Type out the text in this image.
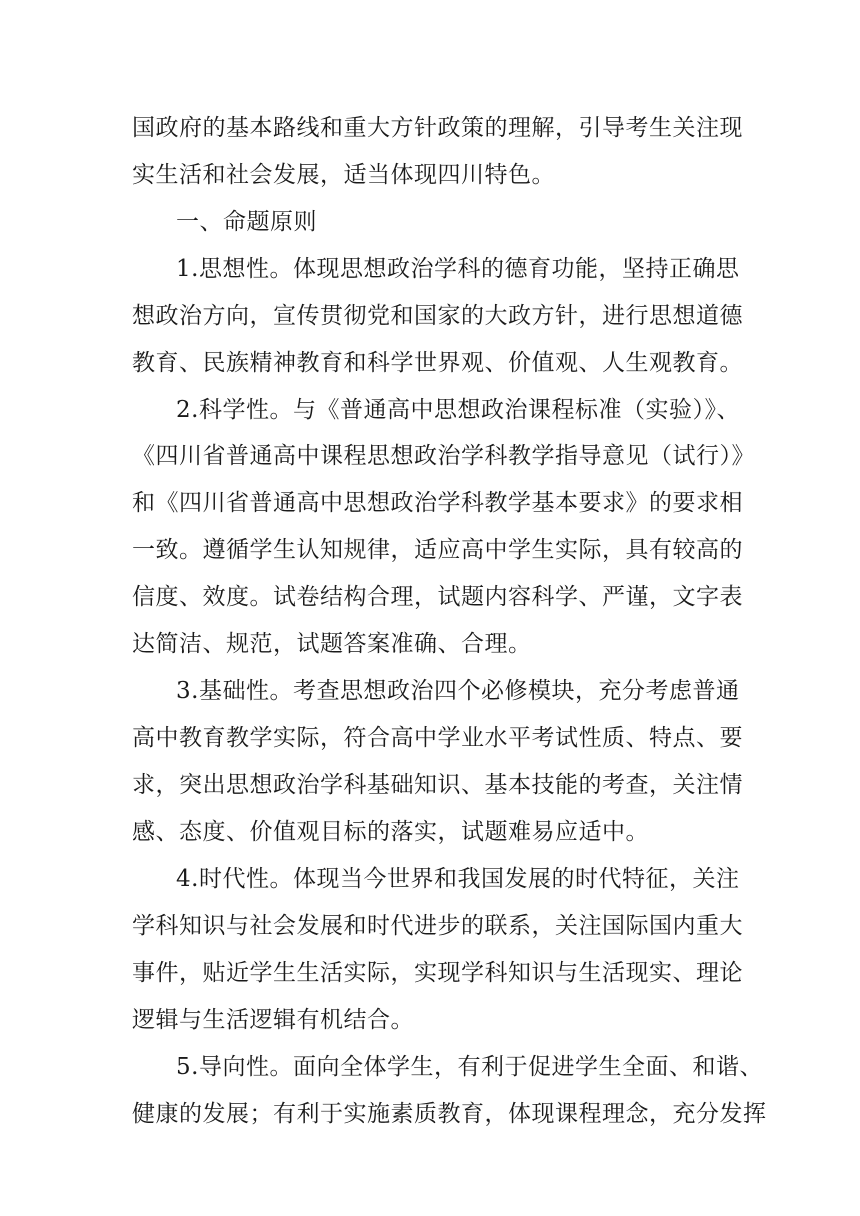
国政府的基本路线和重大方针政策的理解，引导考生关注现
实生活和社会发展，适当体现四川特色。
一、命题原则
1.思想性。体现思想政治学科的德育功能，坚持正确思
想政治方向，宣传贯彻党和国家的大政方针，进行思想道德
教育、民族精神教育和科学世界观、价值观、人生观教育。
2.科学性。与《普通高中思想政治课程标准（实验）》、
《四川省普通高中课程思想政治学科教学指导意见（试行）》
和《四川省普通高中思想政治学科教学基本要求》的要求相
一致。遵循学生认知规律，适应高中学生实际，具有较高的
信度、效度。试卷结构合理，试题内容科学、严谨，文字表
达简洁、规范，试题答案准确、合理。
3.基础性。考查思想政治四个必修模块，充分考虑普通
高中教育教学实际，符合高中学业水平考试性质、特点、要
求，突出思想政治学科基础知识、基本技能的考查，关注情
感、态度、价值观目标的落实，试题难易应适中。
4.时代性。体现当今世界和我国发展的时代特征，关注
学科知识与社会发展和时代进步的联系，关注国际国内重大
事件，贴近学生生活实际，实现学科知识与生活现实、理论
逻辑与生活逻辑有机结合。
5.导向性。面向全体学生，有利于促进学生全面、和谐、
健康的发展；有利于实施素质教育，体现课程理念，充分发挥
